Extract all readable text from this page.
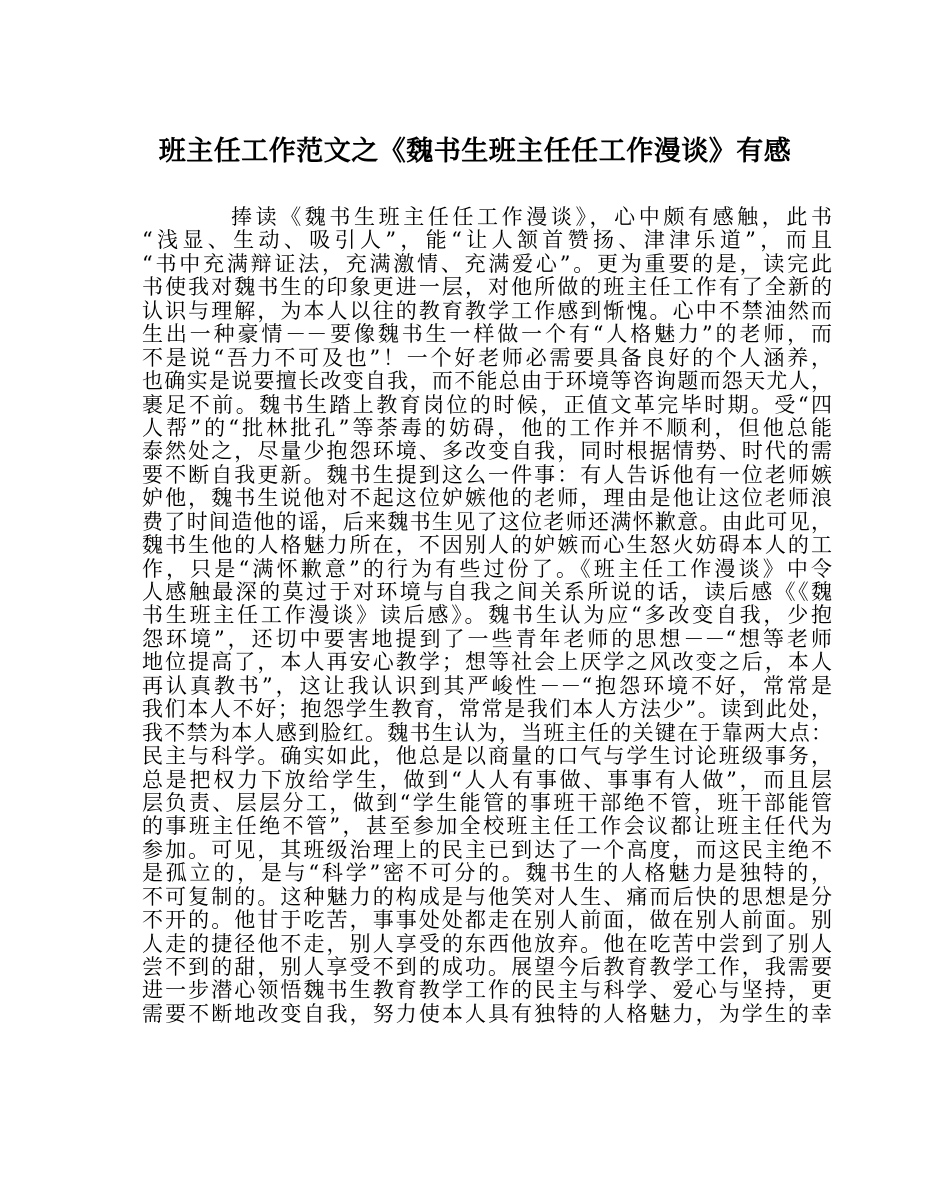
班主任工作范文之《魏书生班主任任工作漫谈》有感
捧读《魏书生班主任任工作漫谈》，心中颇有感触，此书
“浅显、生动、吸引人”，能“让人颔首赞扬、津津乐道”，而且
“书中充满辩证法，充满激情、充满爱心”。更为重要的是，读完此
书使我对魏书生的印象更进一层，对他所做的班主任工作有了全新的
认识与理解，为本人以往的教育教学工作感到惭愧。心中不禁油然而
生出一种豪情－－要像魏书生一样做一个有“人格魅力”的老师，而
不是说“吾力不可及也”！一个好老师必需要具备良好的个人涵养，
也确实是说要擅长改变自我，而不能总由于环境等咨询题而怨天尤人，
裹足不前。魏书生踏上教育岗位的时候，正值文革完毕时期。受“四
人帮”的“批林批孔”等荼毒的妨碍，他的工作并不顺利，但他总能
泰然处之，尽量少抱怨环境、多改变自我，同时根据情势、时代的需
要不断自我更新。魏书生提到这么一件事：有人告诉他有一位老师嫉
妒他，魏书生说他对不起这位妒嫉他的老师，理由是他让这位老师浪
费了时间造他的谣，后来魏书生见了这位老师还满怀歉意。由此可见，
魏书生他的人格魅力所在，不因别人的妒嫉而心生怒火妨碍本人的工
作，只是“满怀歉意”的行为有些过份了。《班主任工作漫谈》中令
人感触最深的莫过于对环境与自我之间关系所说的话，读后感《《魏
书生班主任工作漫谈》读后感》。魏书生认为应“多改变自我，少抱
怨环境”，还切中要害地提到了一些青年老师的思想－－“想等老师
地位提高了，本人再安心教学；想等社会上厌学之风改变之后，本人
再认真教书”，这让我认识到其严峻性－－“抱怨环境不好，常常是
我们本人不好；抱怨学生教育，常常是我们本人方法少”。读到此处，
我不禁为本人感到脸红。魏书生认为，当班主任的关键在于靠两大点：
民主与科学。确实如此，他总是以商量的口气与学生讨论班级事务，
总是把权力下放给学生，做到“人人有事做、事事有人做”，而且层
层负责、层层分工，做到“学生能管的事班干部绝不管，班干部能管
的事班主任绝不管”，甚至参加全校班主任工作会议都让班主任代为
参加。可见，其班级治理上的民主已到达了一个高度，而这民主绝不
是孤立的，是与“科学”密不可分的。魏书生的人格魅力是独特的，
不可复制的。这种魅力的构成是与他笑对人生、痛而后快的思想是分
不开的。他甘于吃苦，事事处处都走在别人前面，做在别人前面。别
人走的捷径他不走，别人享受的东西他放弃。他在吃苦中尝到了别人
尝不到的甜，别人享受不到的成功。展望今后教育教学工作，我需要
进一步潜心领悟魏书生教育教学工作的民主与科学、爱心与坚持，更
需要不断地改变自我，努力使本人具有独特的人格魅力，为学生的幸
